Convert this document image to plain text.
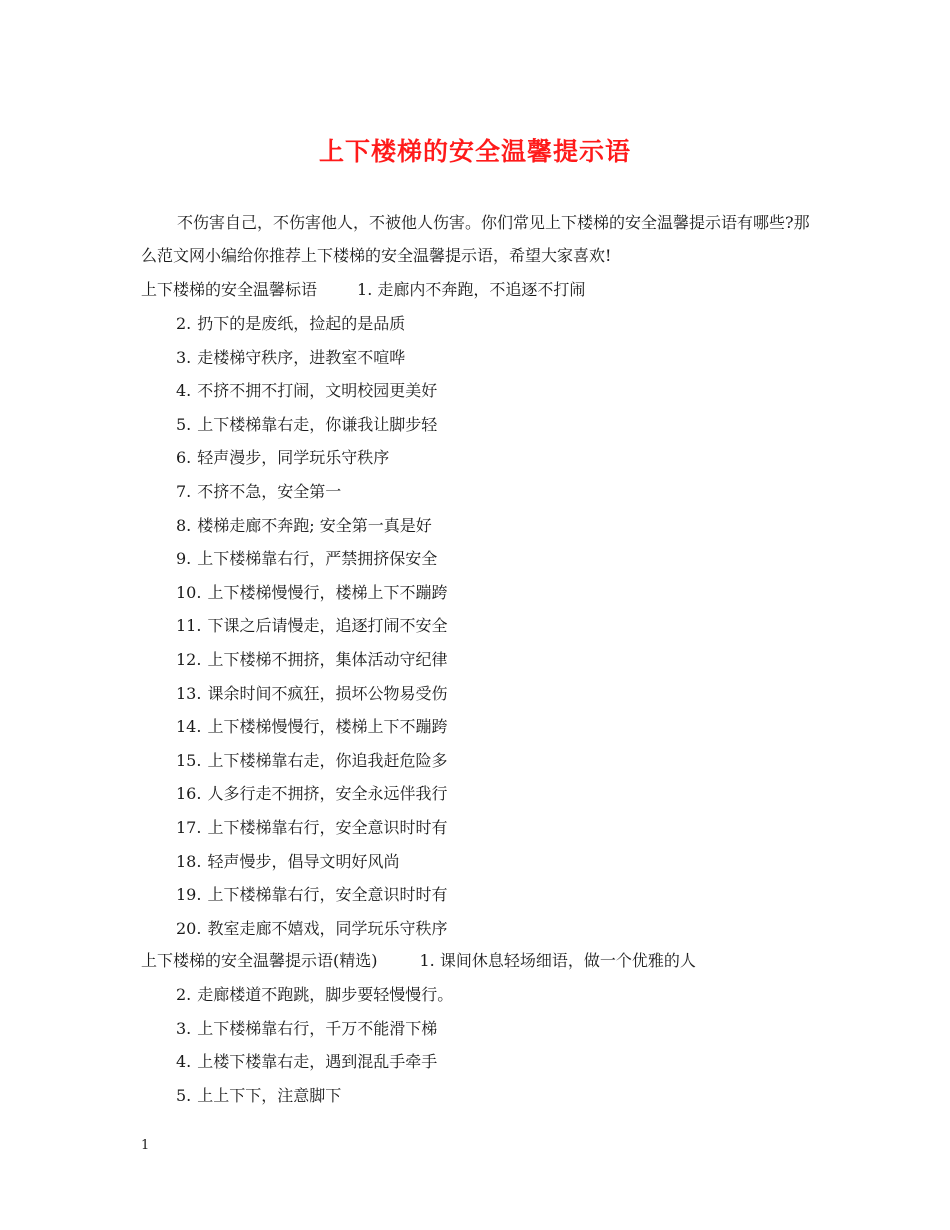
上下楼梯的安全温馨提示语

不伤害自己，不伤害他人，不被他人伤害。你们常见上下楼梯的安全温馨提示语有哪些?那么范文网小编给你推荐上下楼梯的安全温馨提示语，希望大家喜欢!

上下楼梯的安全温馨标语	1. 走廊内不奔跑，不追逐不打闹
2. 扔下的是废纸，捡起的是品质
3. 走楼梯守秩序，进教室不喧哗
4. 不挤不拥不打闹，文明校园更美好
5. 上下楼梯靠右走，你谦我让脚步轻
6. 轻声漫步，同学玩乐守秩序
7. 不挤不急，安全第一
8. 楼梯走廊不奔跑; 安全第一真是好
9. 上下楼梯靠右行，严禁拥挤保安全
10. 上下楼梯慢慢行，楼梯上下不蹦跨
11. 下课之后请慢走，追逐打闹不安全
12. 上下楼梯不拥挤，集体活动守纪律
13. 课余时间不疯狂，损坏公物易受伤
14. 上下楼梯慢慢行，楼梯上下不蹦跨
15. 上下楼梯靠右走，你追我赶危险多
16. 人多行走不拥挤，安全永远伴我行
17. 上下楼梯靠右行，安全意识时时有
18. 轻声慢步，倡导文明好风尚
19. 上下楼梯靠右行，安全意识时时有
20. 教室走廊不嬉戏，同学玩乐守秩序
上下楼梯的安全温馨提示语(精选)	1. 课间休息轻场细语，做一个优雅的人
2. 走廊楼道不跑跳，脚步要轻慢慢行。
3. 上下楼梯靠右行，千万不能滑下梯
4. 上楼下楼靠右走，遇到混乱手牵手
5. 上上下下，注意脚下
1
